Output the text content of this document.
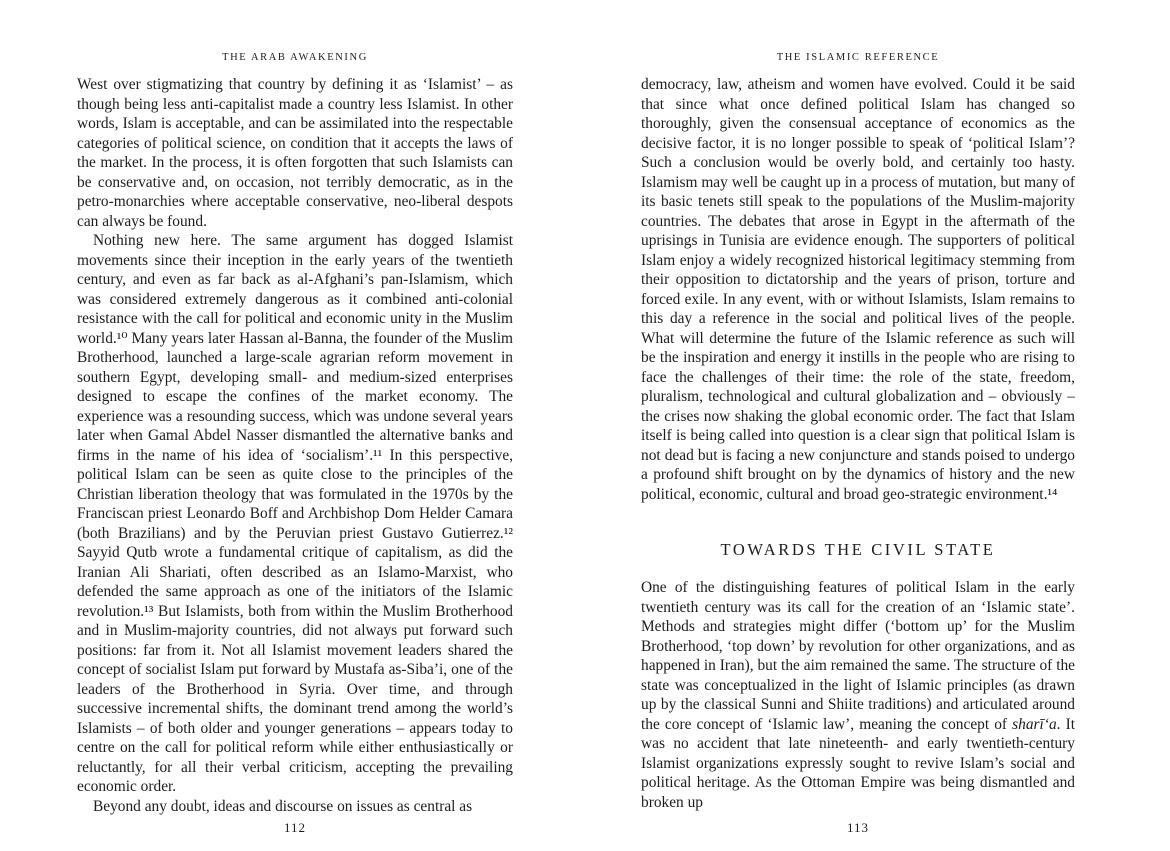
THE ARAB AWAKENING

West over stigmatizing that country by defining it as ‘Islamist’ – as though being less anti-capitalist made a country less Islamist. In other words, Islam is acceptable, and can be assimilated into the respectable categories of political science, on condition that it accepts the laws of the market. In the process, it is often forgotten that such Islamists can be conservative and, on occasion, not terribly democratic, as in the petro-monarchies where acceptable conservative, neo-liberal despots can always be found.

Nothing new here. The same argument has dogged Islamist movements since their inception in the early years of the twentieth century, and even as far back as al-Afghani’s pan-Islamism, which was considered extremely dangerous as it combined anti-colonial resistance with the call for political and economic unity in the Muslim world.¹⁰ Many years later Hassan al-Banna, the founder of the Muslim Brotherhood, launched a large-scale agrarian reform movement in southern Egypt, developing small- and medium-sized enterprises designed to escape the confines of the market economy. The experience was a resounding success, which was undone several years later when Gamal Abdel Nasser dismantled the alternative banks and firms in the name of his idea of ‘socialism’.¹¹ In this perspective, political Islam can be seen as quite close to the principles of the Christian liberation theology that was formulated in the 1970s by the Franciscan priest Leonardo Boff and Archbishop Dom Helder Camara (both Brazilians) and by the Peruvian priest Gustavo Gutierrez.¹² Sayyid Qutb wrote a fundamental critique of capitalism, as did the Iranian Ali Shariati, often described as an Islamo-Marxist, who defended the same approach as one of the initiators of the Islamic revolution.¹³ But Islamists, both from within the Muslim Brotherhood and in Muslim-majority countries, did not always put forward such positions: far from it. Not all Islamist movement leaders shared the concept of socialist Islam put forward by Mustafa as-Siba’i, one of the leaders of the Brotherhood in Syria. Over time, and through successive incremental shifts, the dominant trend among the world’s Islamists – of both older and younger generations – appears today to centre on the call for political reform while either enthusiastically or reluctantly, for all their verbal criticism, accepting the prevailing economic order.

Beyond any doubt, ideas and discourse on issues as central as

112
THE ISLAMIC REFERENCE

democracy, law, atheism and women have evolved. Could it be said that since what once defined political Islam has changed so thoroughly, given the consensual acceptance of economics as the decisive factor, it is no longer possible to speak of ‘political Islam’? Such a conclusion would be overly bold, and certainly too hasty. Islamism may well be caught up in a process of mutation, but many of its basic tenets still speak to the populations of the Muslim-majority countries. The debates that arose in Egypt in the aftermath of the uprisings in Tunisia are evidence enough. The supporters of political Islam enjoy a widely recognized historical legitimacy stemming from their opposition to dictatorship and the years of prison, torture and forced exile. In any event, with or without Islamists, Islam remains to this day a reference in the social and political lives of the people. What will determine the future of the Islamic reference as such will be the inspiration and energy it instills in the people who are rising to face the challenges of their time: the role of the state, freedom, pluralism, technological and cultural globalization and – obviously – the crises now shaking the global economic order. The fact that Islam itself is being called into question is a clear sign that political Islam is not dead but is facing a new conjuncture and stands poised to undergo a profound shift brought on by the dynamics of history and the new political, economic, cultural and broad geo-strategic environment.¹⁴

TOWARDS THE CIVIL STATE

One of the distinguishing features of political Islam in the early twentieth century was its call for the creation of an ‘Islamic state’. Methods and strategies might differ (‘bottom up’ for the Muslim Brotherhood, ‘top down’ by revolution for other organizations, and as happened in Iran), but the aim remained the same. The structure of the state was conceptualized in the light of Islamic principles (as drawn up by the classical Sunni and Shiite traditions) and articulated around the core concept of ‘Islamic law’, meaning the concept of sharī‘a. It was no accident that late nineteenth- and early twentieth-century Islamist organizations expressly sought to revive Islam’s social and political heritage. As the Ottoman Empire was being dismantled and broken up

113
